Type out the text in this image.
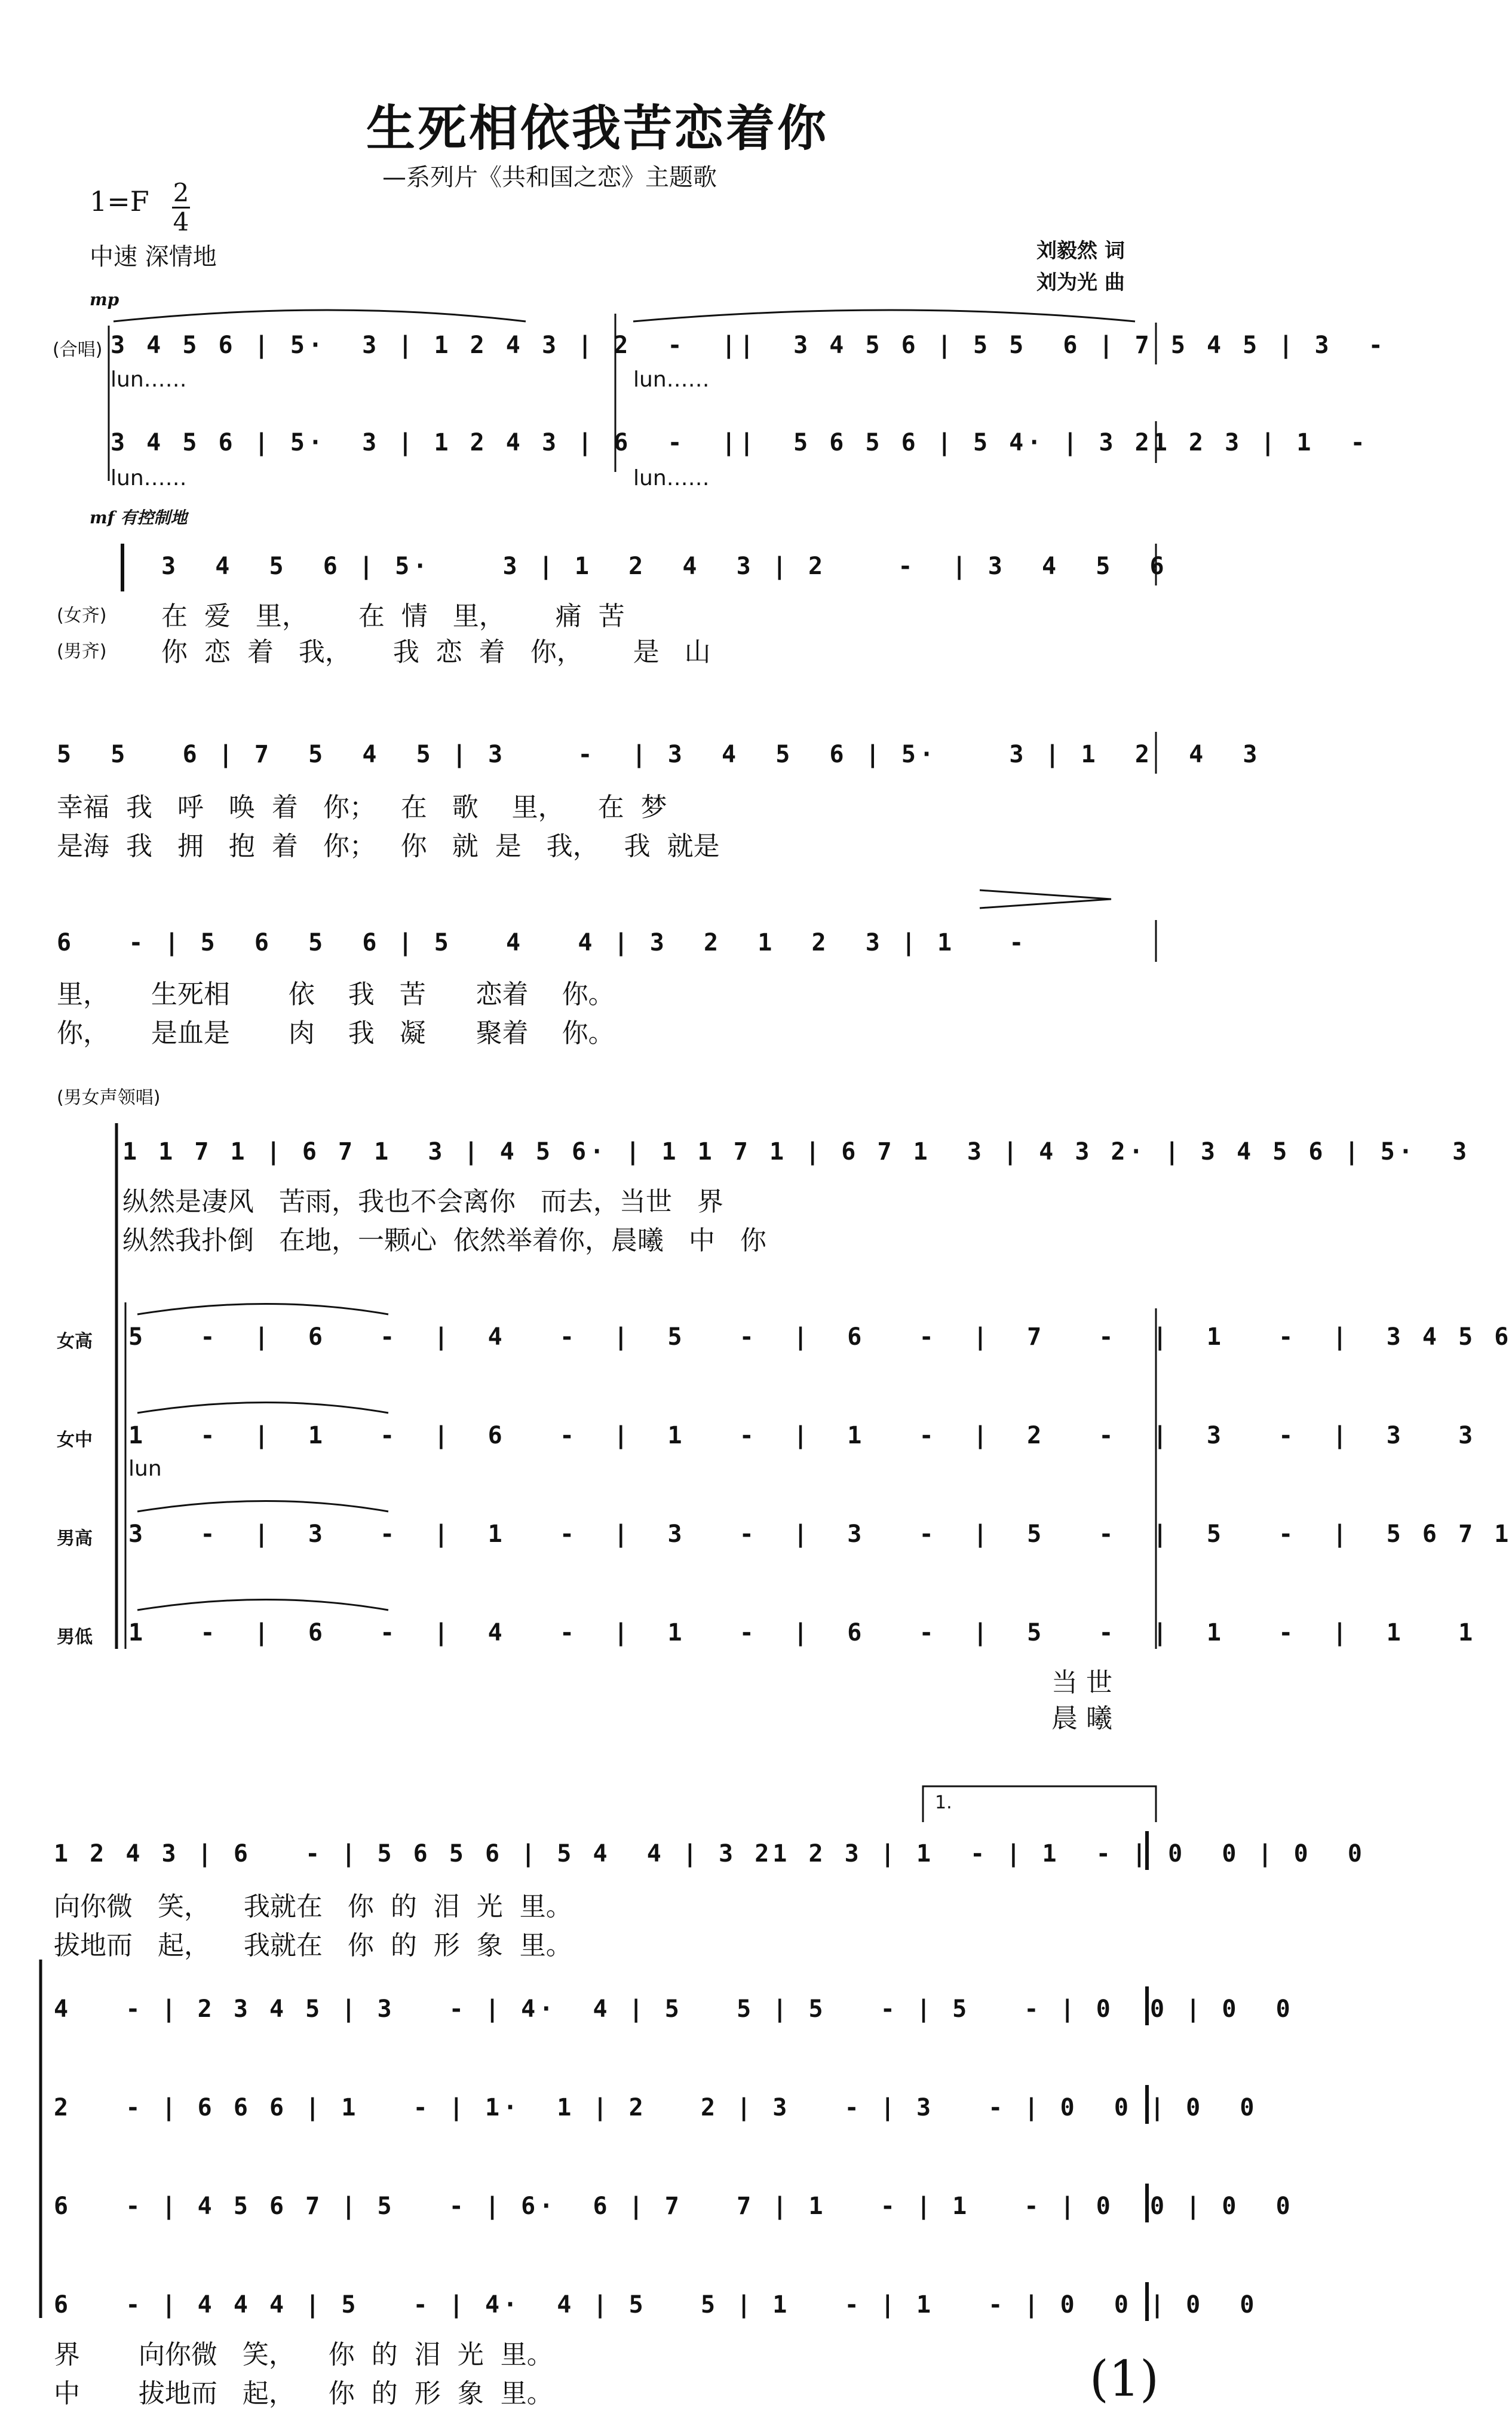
生死相依我苦恋着你
—系列片《共和国之恋》主题歌
1=F 2
4
中速 深情地	刘毅然 词
刘为光 曲
mp
(合唱) 3 4 5 6 | 5·  3 | 1 2 4 3 | 2  -  ||  3 4 5 6 | 5 5  6 | 7 5 4 5 | 3  -
lun……	lun……
3 4 5 6 | 5·  3 | 1 2 4 3 | 6  -  ||  5 6 5 6 | 5 4· | 3 21 2 3 | 1  -
lun……	lun……
mf 有控制地
3  4  5  6 | 5·    3 | 1  2  4  3 | 2    -  | 3  4  5  6
(女齐)
(男齐)
在  爱   里，      在  情   里，      痛  苦
你  恋  着   我，     我  恋  着   你，      是   山
5  5   6 | 7  5  4  5 | 3    -  | 3  4  5  6 | 5·    3 | 1  2  4  3
幸福  我   呼   唤  着   你；   在   歌    里，    在  梦
是海  我   拥   抱  着   你；   你   就  是   我，   我  就是
6   - | 5  6  5  6 | 5   4   4 | 3  2  1  2  3 | 1   -
里，     生死相       依    我   苦      恋着    你。
你，     是血是       肉    我   凝      聚着    你。
(男女声领唱)
1 1 7 1 | 6 7 1  3 | 4 5 6· | 1 1 7 1 | 6 7 1  3 | 4 3 2· | 3 4 5 6 | 5·  3
纵然是凄风   苦雨，我也不会离你   而去，当世   界
纵然我扑倒   在地，一颗心  依然举着你，晨曦   中   你
女高 5   -  |  6   -  |  4   -  |  5   -  |  6   -  |  7   -  |  1   -  |  3 4 5 6
女中 1   -  |  1   -  |  6   -  |  1   -  |  1   -  |  2   -  |  3   -  |  3   3
lun
男高 3   -  |  3   -  |  1   -  |  3   -  |  3   -  |  5   -  |  5   -  |  5 6 7 1
男低 1   -  |  6   -  |  4   -  |  1   -  |  6   -  |  5   -  |  1   -  |  1   1
当 世
晨 曦
1.
1 2 4 3 | 6   - | 5 6 5 6 | 5 4  4 | 3 21 2 3 | 1  - | 1  - | 0  0 | 0  0
向你微   笑，    我就在   你  的  泪  光  里。
拔地而   起，    我就在   你  的  形  象  里。
4   - | 2 3 4 5 | 3   - | 4·  4 | 5   5 | 5   - | 5   - | 0  0 | 0  0
2   - | 6 6 6 | 1   - | 1·  1 | 2   2 | 3   - | 3   - | 0  0 | 0  0
6   - | 4 5 6 7 | 5   - | 6·  6 | 7   7 | 1   - | 1   - | 0  0 | 0  0
6   - | 4 4 4 | 5   - | 4·  4 | 5   5 | 1   - | 1   - | 0  0 | 0  0
界       向你微   笑，    你  的  泪  光  里。
中       拔地而   起，    你  的  形  象  里。	(1)
